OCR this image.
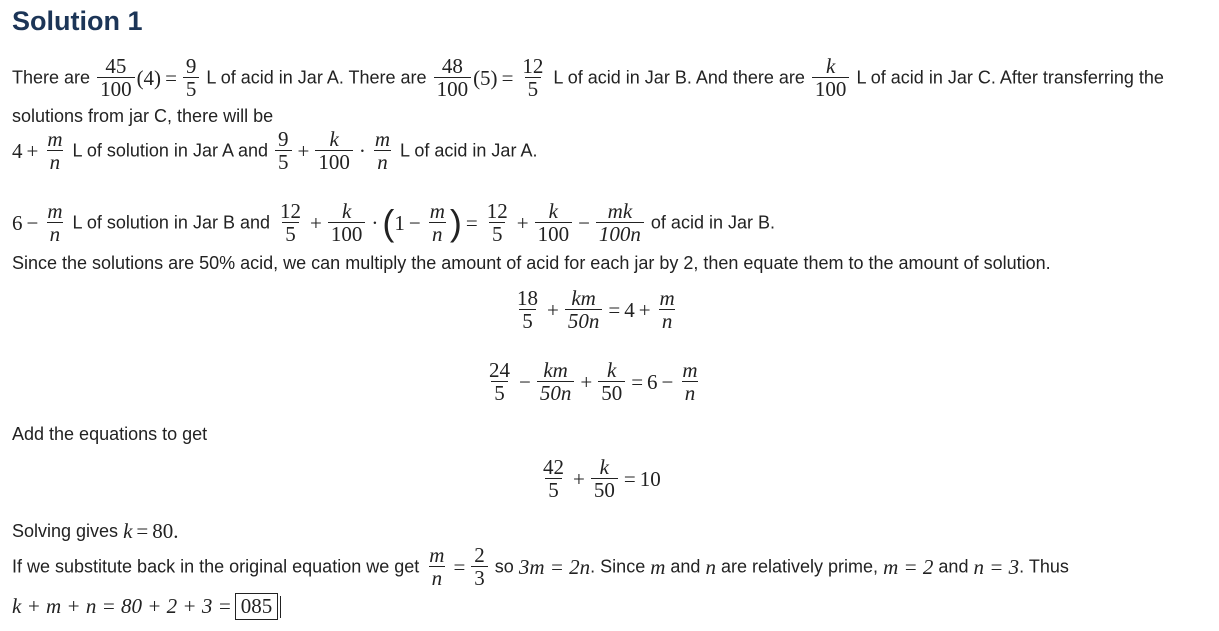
Solution 1
There are $\frac{45}{100} (4) = \frac{9}{5}$ L of acid in Jar A. There are $\frac{48}{100} (5) = \frac{12}{5}$ L of acid in Jar B. And there are $\frac{k}{100}$ L of acid in Jar C. After transferring the
solutions from jar C, there will be
$4 + \frac{m}{n}$ L of solution in Jar A and $\frac{9}{5} + \frac{k}{100} \cdot \frac{m}{n}$ L of acid in Jar A.
$6 - \frac{m}{n}$ L of solution in Jar B and $\frac{12}{5} + \frac{k}{100} \cdot (1 - \frac{m}{n}$ ) = $\frac{12}{5} + \frac{k}{100} - \frac{mk}{100n}$ of acid in Jar B.
Since the solutions are 50% acid, we can multiply the amount of acid for each jar by 2, then equate them to the amount of solution.
$\frac{18}{5} + \frac{km}{50n} = 4 + \frac{m}{n}$
$\frac{24}{5} - \frac{km}{50n} + \frac{k}{50} = 6 - \frac{m}{n}$
Add the equations to get
$\frac{42}{5} + \frac{k}{50} = 10$
Solving gives k = 80.
If we substitute back in the original equation we get $\frac{m}{n} = \frac{2}{3}$ so 3m = 2n. Since m and n are relatively prime, m = 2 and n = 3. Thus
k + m + n = 80 + 2 + 3 = 085
